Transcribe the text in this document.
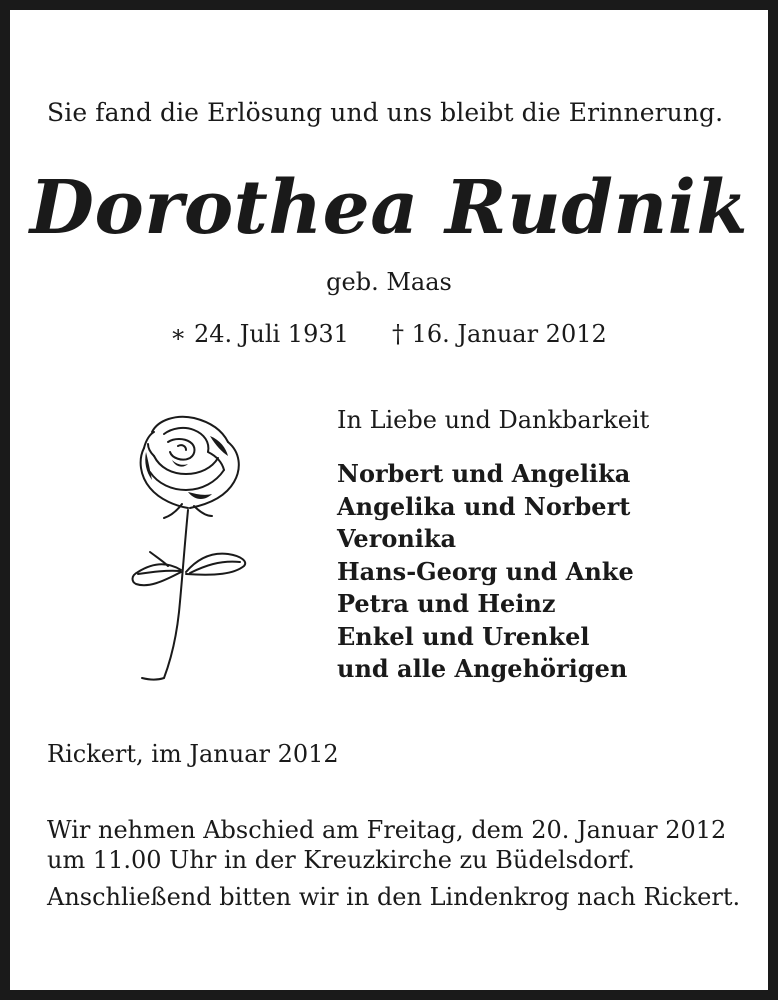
Sie fand die Erlösung und uns bleibt die Erinnerung.
Dorothea Rudnik
geb. Maas
∗ 24. Juli 1931 † 16. Januar 2012
In Liebe und Dankbarkeit
Norbert und Angelika
Angelika und Norbert
Veronika
Hans-Georg und Anke
Petra und Heinz
Enkel und Urenkel
und alle Angehörigen
Rickert, im Januar 2012
Wir nehmen Abschied am Freitag, dem 20. Januar 2012
um 11.00 Uhr in der Kreuzkirche zu Büdelsdorf.
Anschließend bitten wir in den Lindenkrog nach Rickert.
